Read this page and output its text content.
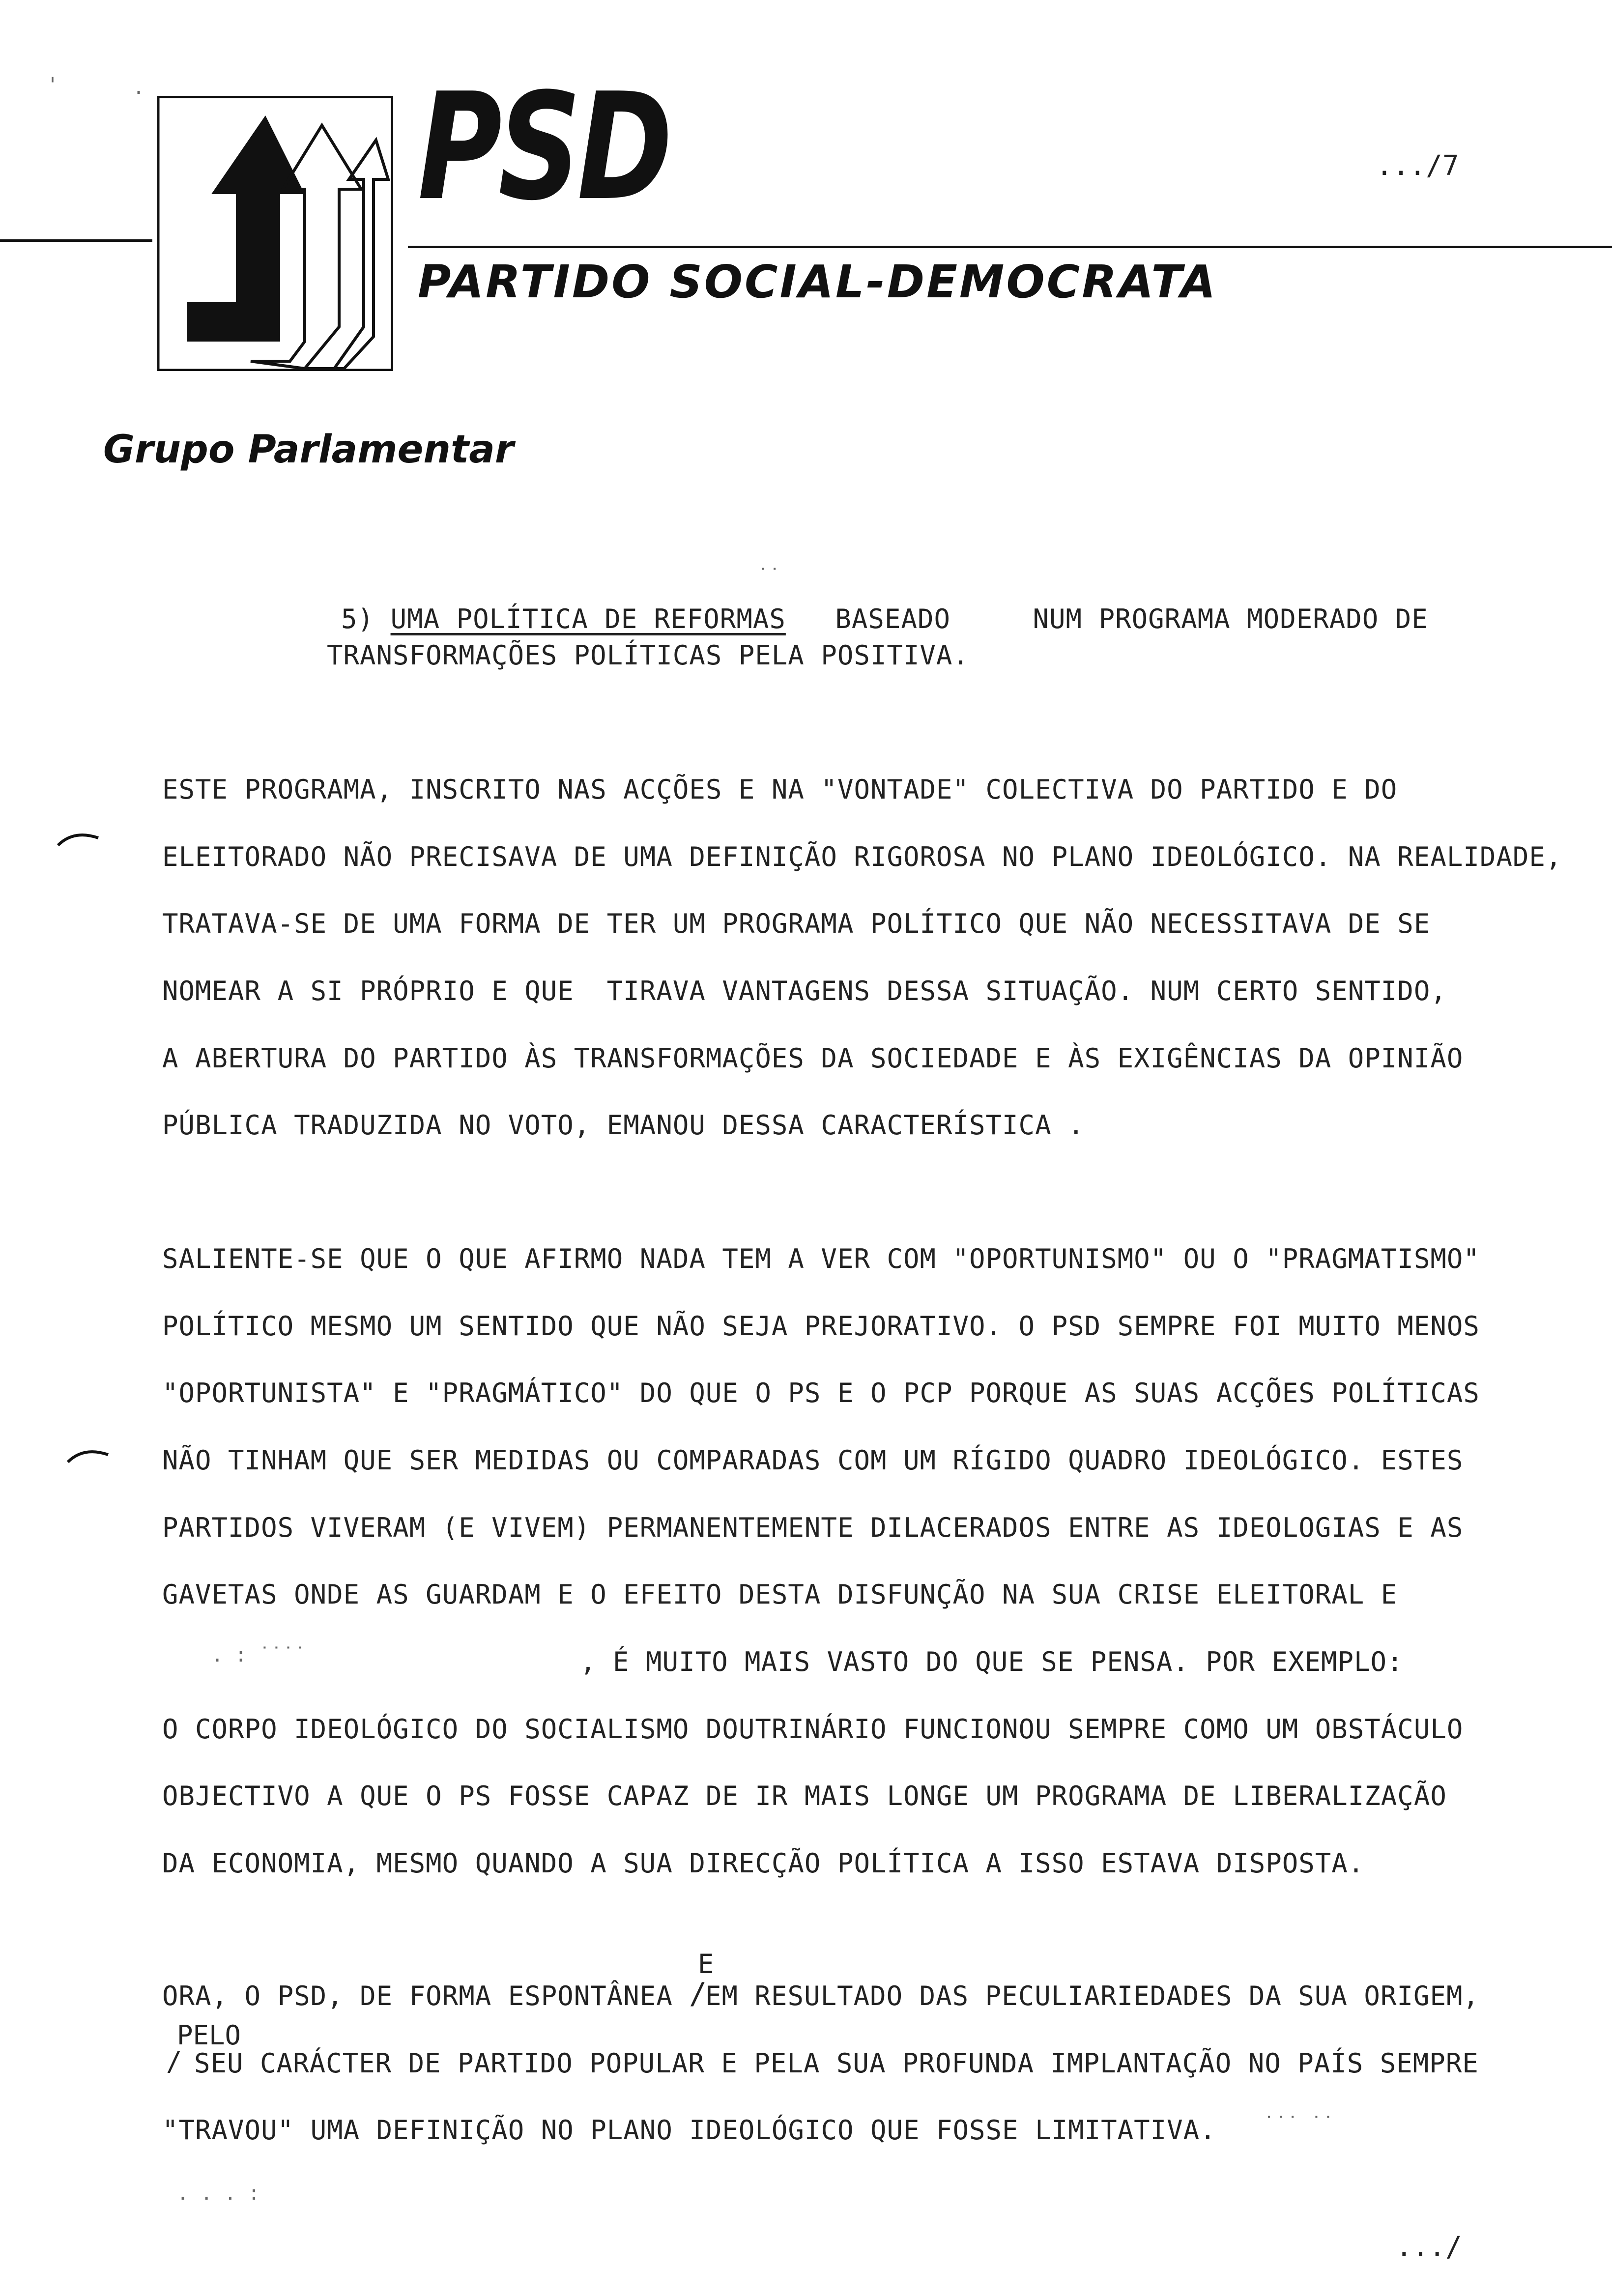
PSD
PARTIDO SOCIAL-DEMOCRATA
.../7
Grupo Parlamentar

5) UMA POLÍTICA DE REFORMAS BASEADO     NUM PROGRAMA MODERADO DE

TRANSFORMAÇÕES POLÍTICAS PELA POSITIVA.
ESTE PROGRAMA, INSCRITO NAS ACÇÕES E NA "VONTADE" COLECTIVA DO PARTIDO E DO
ELEITORADO NÃO PRECISAVA DE UMA DEFINIÇÃO RIGOROSA NO PLANO IDEOLÓGICO. NA REALIDADE,
TRATAVA-SE DE UMA FORMA DE TER UM PROGRAMA POLÍTICO QUE NÃO NECESSITAVA DE SE
NOMEAR A SI PRÓPRIO E QUE  TIRAVA VANTAGENS DESSA SITUAÇÃO. NUM CERTO SENTIDO,
A ABERTURA DO PARTIDO ÀS TRANSFORMAÇÕES DA SOCIEDADE E ÀS EXIGÊNCIAS DA OPINIÃO
PÚBLICA TRADUZIDA NO VOTO, EMANOU DESSA CARACTERÍSTICA .
SALIENTE-SE QUE O QUE AFIRMO NADA TEM A VER COM "OPORTUNISMO" OU O "PRAGMATISMO"
POLÍTICO MESMO UM SENTIDO QUE NÃO SEJA PREJORATIVO. O PSD SEMPRE FOI MUITO MENOS
"OPORTUNISTA" E "PRAGMÁTICO" DO QUE O PS E O PCP PORQUE AS SUAS ACÇÕES POLÍTICAS
NÃO TINHAM QUE SER MEDIDAS OU COMPARADAS COM UM RÍGIDO QUADRO IDEOLÓGICO. ESTES
PARTIDOS VIVERAM (E VIVEM) PERMANENTEMENTE DILACERADOS ENTRE AS IDEOLOGIAS E AS
GAVETAS ONDE AS GUARDAM E O EFEITO DESTA DISFUNÇÃO NA SUA CRISE ELEITORAL E
, É MUITO MAIS VASTO DO QUE SE PENSA. POR EXEMPLO:
O CORPO IDEOLÓGICO DO SOCIALISMO DOUTRINÁRIO FUNCIONOU SEMPRE COMO UM OBSTÁCULO
OBJECTIVO A QUE O PS FOSSE CAPAZ DE IR MAIS LONGE UM PROGRAMA DE LIBERALIZAÇÃO
DA ECONOMIA, MESMO QUANDO A SUA DIRECÇÃO POLÍTICA A ISSO ESTAVA DISPOSTA.
E
ORA, O PSD, DE FORMA ESPONTÂNEA /
EM RESULTADO DAS PECULIARIEDADES DA SUA ORIGEM,
PELO
/ SEU CARÁCTER DE PARTIDO POPULAR E PELA SUA PROFUNDA IMPLANTAÇÃO NO PAÍS SEMPRE
"TRAVOU" UMA DEFINIÇÃO NO PLANO IDEOLÓGICO QUE FOSSE LIMITATIVA.
.../
'	.
˙˙
. : ˙˙˙˙
˙˙˙ ˙˙
. . . :
